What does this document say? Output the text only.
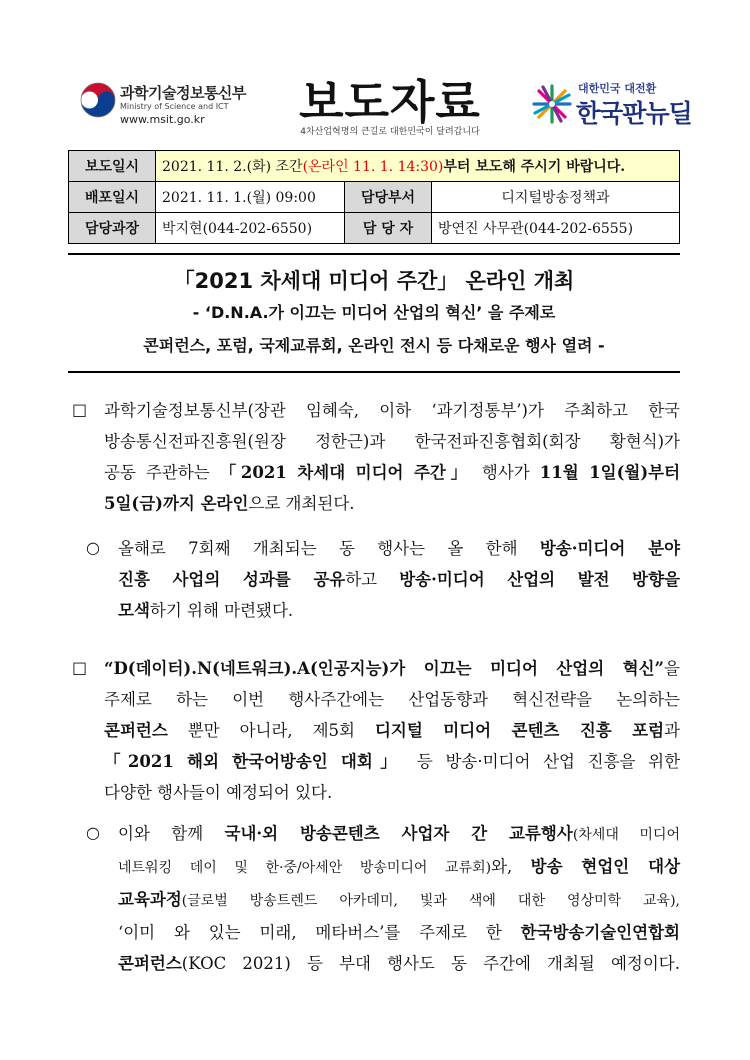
과학기술정보통신부
Ministry of Science and ICT
www.msit.go.kr 보도자료
4차산업혁명의 큰길로 대한민국이 달려갑니다
대한민국 대전환
한국판뉴딜
보도일시	2021. 11. 2.(화) 조간(온라인 11. 1. 14:30)부터 보도해 주시기 바랍니다.		
배포일시	2021. 11. 1.(월) 09:00	담당부서	디지털방송정책과
담당과장	박지현(044-202-6550)	담 당 자	방연진 사무관(044-202-6555)
「2021 차세대 미디어 주간」 온라인 개최
- ‘D.N.A.가 이끄는 미디어 산업의 혁신’ 을 주제로
콘퍼런스, 포럼, 국제교류회, 온라인 전시 등 다채로운 행사 열려 -
□ 과학기술정보통신부(장관 임혜숙, 이하 ‘과기정통부’)가 주최하고 한국
방송통신전파진흥원(원장 정한근)과 한국전파진흥협회(회장 황현식)가
공동 주관하는 「2021 차세대 미디어 주간」 행사가 11월 1일(월)부터
5일(금)까지 온라인으로 개최된다.
○ 올해로 7회째 개최되는 동 행사는 올 한해 방송·미디어 분야
진흥 사업의 성과를 공유하고 방송·미디어 산업의 발전 방향을
모색하기 위해 마련됐다.
□ “D(데이터).N(네트워크).A(인공지능)가 이끄는 미디어 산업의 혁신”을
주제로 하는 이번 행사주간에는 산업동향과 혁신전략을 논의하는
콘퍼런스 뿐만 아니라, 제5회 디지털 미디어 콘텐츠 진흥 포럼과
「2021 해외 한국어방송인 대회」 등 방송·미디어 산업 진흥을 위한
다양한 행사들이 예정되어 있다.
○ 이와 함께 국내·외 방송콘텐츠 사업자 간 교류행사(차세대 미디어
네트워킹 데이 및 한·중/아세안 방송미디어 교류회)와, 방송 현업인 대상
교육과정(글로벌 방송트렌드 아카데미, 빛과 색에 대한 영상미학 교육),
‘이미 와 있는 미래, 메타버스’를 주제로 한 한국방송기술인연합회
콘퍼런스(KOC 2021) 등 부대 행사도 동 주간에 개최될 예정이다.
